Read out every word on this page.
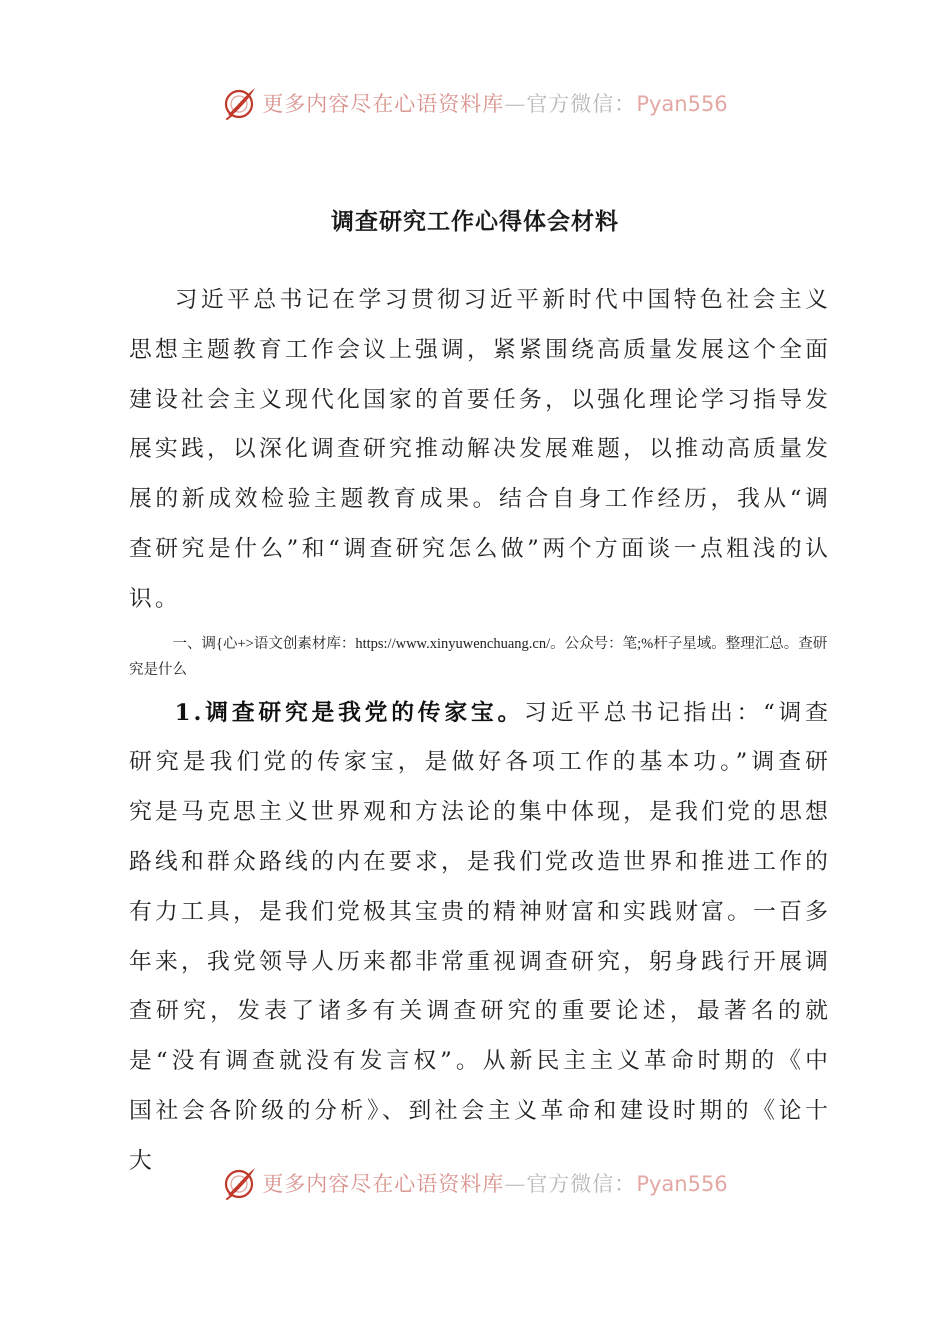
更多内容尽在心语资料库—官方微信：Pyan556
调查研究工作心得体会材料

习近平总书记在学习贯彻习近平新时代中国特色社会主义思想主题教育工作会议上强调，紧紧围绕高质量发展这个全面建设社会主义现代化国家的首要任务，以强化理论学习指导发展实践，以深化调查研究推动解决发展难题，以推动高质量发展的新成效检验主题教育成果。结合自身工作经历，我从“调查研究是什么”和“调查研究怎么做”两个方面谈一点粗浅的认识。

一、调{心+>语文创素材库：https://www.xinyuwenchuang.cn/。公众号：笔;%杆子星域。整理汇总。查研究是什么

1.调查研究是我党的传家宝。习近平总书记指出：“调查研究是我们党的传家宝，是做好各项工作的基本功。”调查研究是马克思主义世界观和方法论的集中体现，是我们党的思想路线和群众路线的内在要求，是我们党改造世界和推进工作的有力工具，是我们党极其宝贵的精神财富和实践财富。一百多年来，我党领导人历来都非常重视调查研究，躬身践行开展调查研究，发表了诸多有关调查研究的重要论述，最著名的就是“没有调查就没有发言权”。从新民主主义革命时期的《中国社会各阶级的分析》、到社会主义革命和建设时期的《论十大

更多内容尽在心语资料库—官方微信：Pyan556
